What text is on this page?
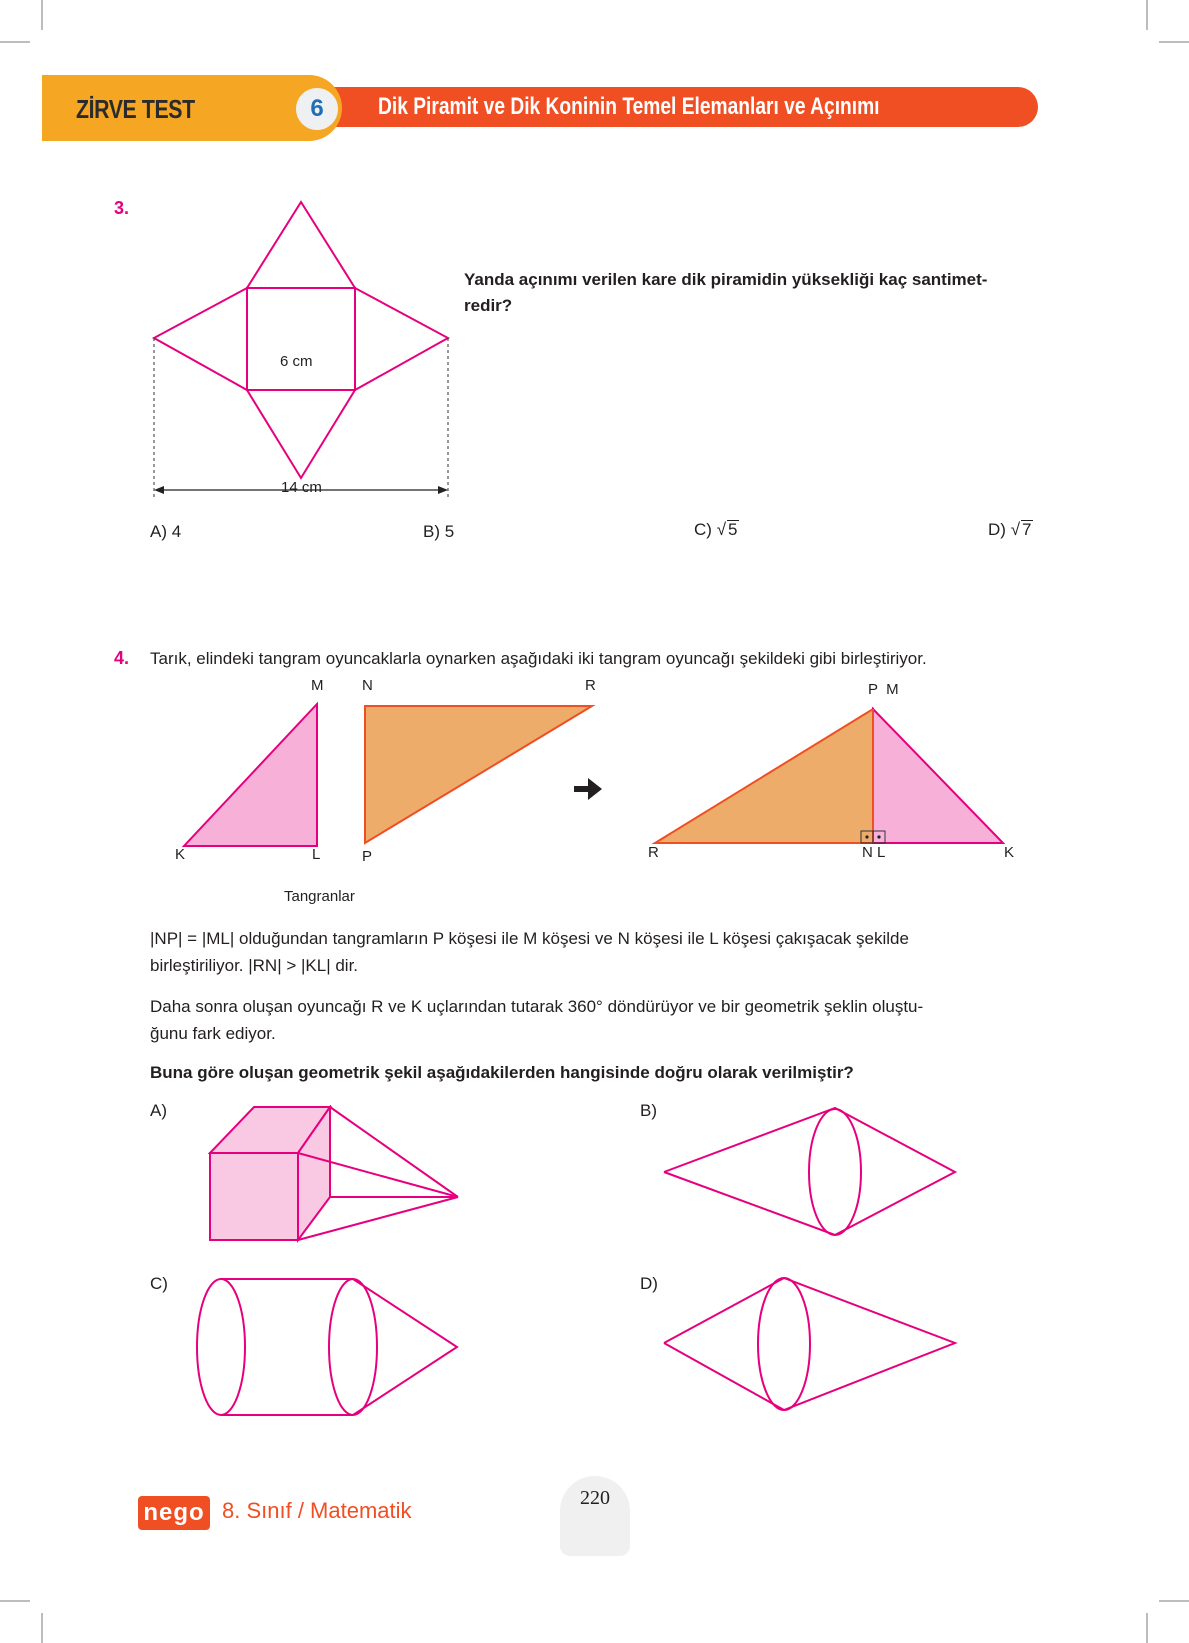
ZİRVE TEST	6	Dik Piramit ve Dik Koninin Temel Elemanları ve Açınımı
3.
6 cm
14 cm
Yanda açınımı verilen kare dik piramidin yüksekliği kaç santimet-
redir?
A) 4	B) 5	C) √ 5	D) √ 7
4. Tarık, elindeki tangram oyuncaklarla oynarken aşağıdaki iki tangram oyuncağı şekildeki gibi birleştiriyor.
M
K	L
N	R
P
P  M
R	N L	K
Tangranlar
|NP| = |ML| olduğundan tangramların P köşesi ile M köşesi ve N köşesi ile L köşesi çakışacak şekilde
birleştiriliyor. |RN| > |KL| dir.
Daha sonra oluşan oyuncağı R ve K uçlarından tutarak 360° döndürüyor ve bir geometrik şeklin oluştu-
ğunu fark ediyor.
Buna göre oluşan geometrik şekil aşağıdakilerden hangisinde doğru olarak verilmiştir?
A)	B)
C)	D)
nego 8. Sınıf / Matematik	220
